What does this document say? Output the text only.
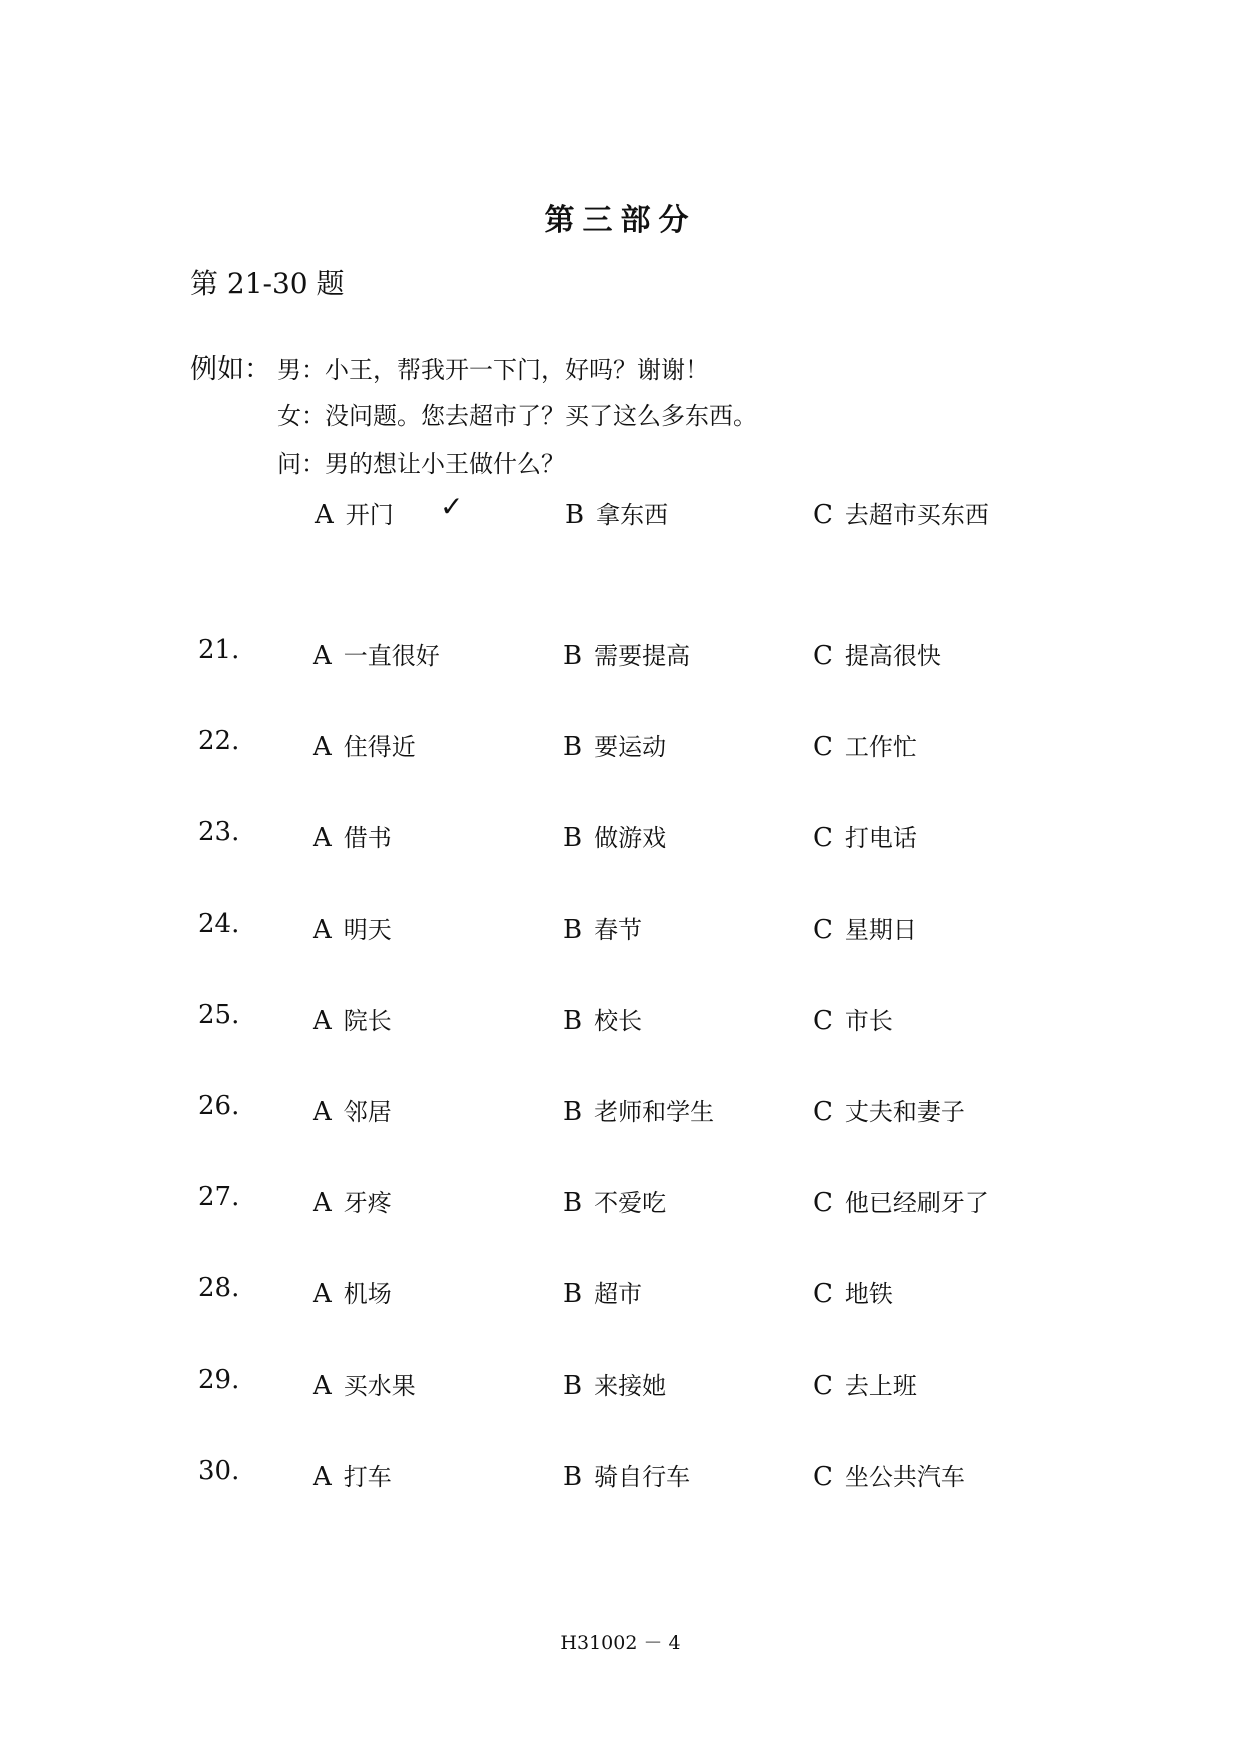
第三部分
第 21-30 题
例如： 男：小王，帮我开一下门，好吗？谢谢！
女：没问题。您去超市了？买了这么多东西。
问：男的想让小王做什么？
A 开门 ✓	B 拿东西	C 去超市买东西
21.	A 一直很好	B 需要提高	C 提高很快
22.	A 住得近	B 要运动	C 工作忙
23.	A 借书	B 做游戏	C 打电话
24.	A 明天	B 春节	C 星期日
25.	A 院长	B 校长	C 市长
26.	A 邻居	B 老师和学生	C 丈夫和妻子
27.	A 牙疼	B 不爱吃	C 他已经刷牙了
28.	A 机场	B 超市	C 地铁
29.	A 买水果	B 来接她	C 去上班
30.	A 打车	B 骑自行车	C 坐公共汽车
H31002 － 4
